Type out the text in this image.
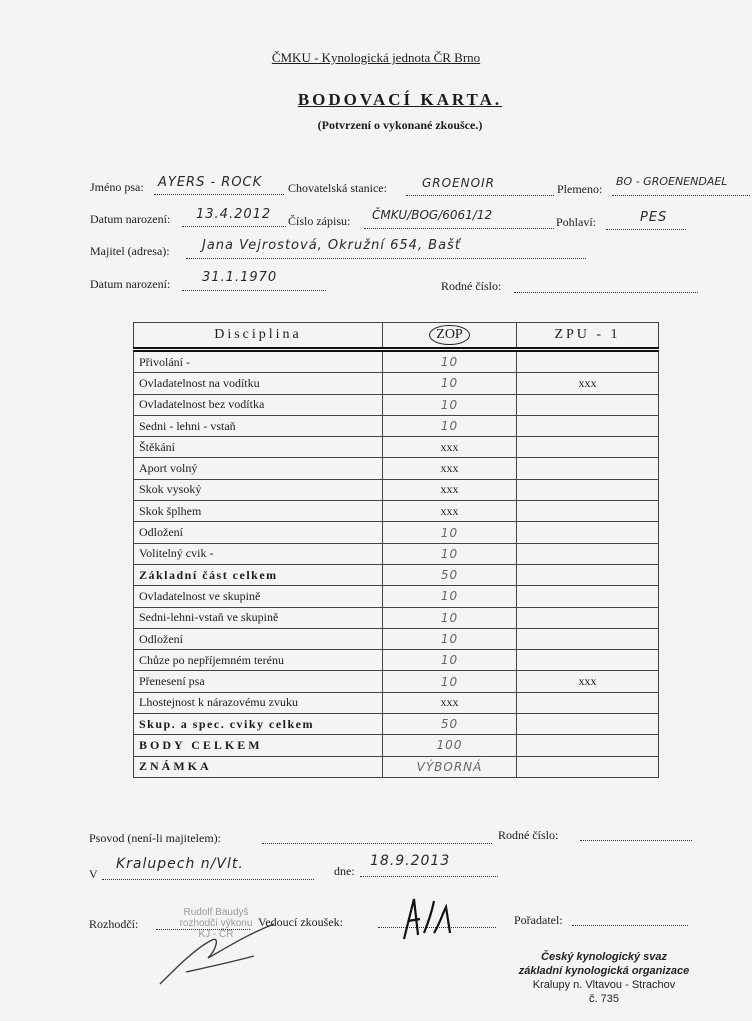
ČMKU - Kynologická jednota ČR Brno
BODOVACÍ KARTA.
(Potvrzení o vykonané zkoušce.)
Jméno psa: AYERS - ROCK Chovatelská stanice:	GROENOIR	Plemeno:
BO - GROENENDAEL
Datum narození: 13.4.2012 Číslo zápisu: ČMKU/BOG/6061/12	Pohlaví:	PES
Majitel (adresa): Jana Vejrostová, Okružní 654, Bašť
Datum narození: 31.1.1970
Rodné číslo:
Disciplina	ZOP	ZPU - 1
Přivolání -	10	
Ovladatelnost na vodítku	10	xxx
Ovladatelnost bez vodítka	10	
Sedni - lehni - vstaň	10	
Štěkání	xxx	
Aport volný	xxx	
Skok vysoký	xxx	
Skok šplhem	xxx	
Odložení	10	
Volitelný cvik -	10	
Základní část celkem	50	
Ovladatelnost ve skupině	10	
Sedni-lehni-vstaň ve skupině	10	
Odložení	10	
Chůze po nepříjemném terénu	10	
Přenesení psa	10	xxx
Lhostejnost k nárazovému zvuku	xxx	
Skup. a spec. cviky celkem	50	
BODY CELKEM	100	
ZNÁMKA	VÝBORNÁ	
Psovod (není-li majitelem):	Rodné číslo:
V
Kralupech n/Vlt.	dne:
18.9.2013
Rozhodčí:
Rudolf Baudyš
rozhodčí výkonu
KJ - ČR
Vedoucí zkoušek:	Pořadatel:
Český kynologický svaz
základní kynologická organizace
Kralupy n. Vltavou - Strachov
č. 735
